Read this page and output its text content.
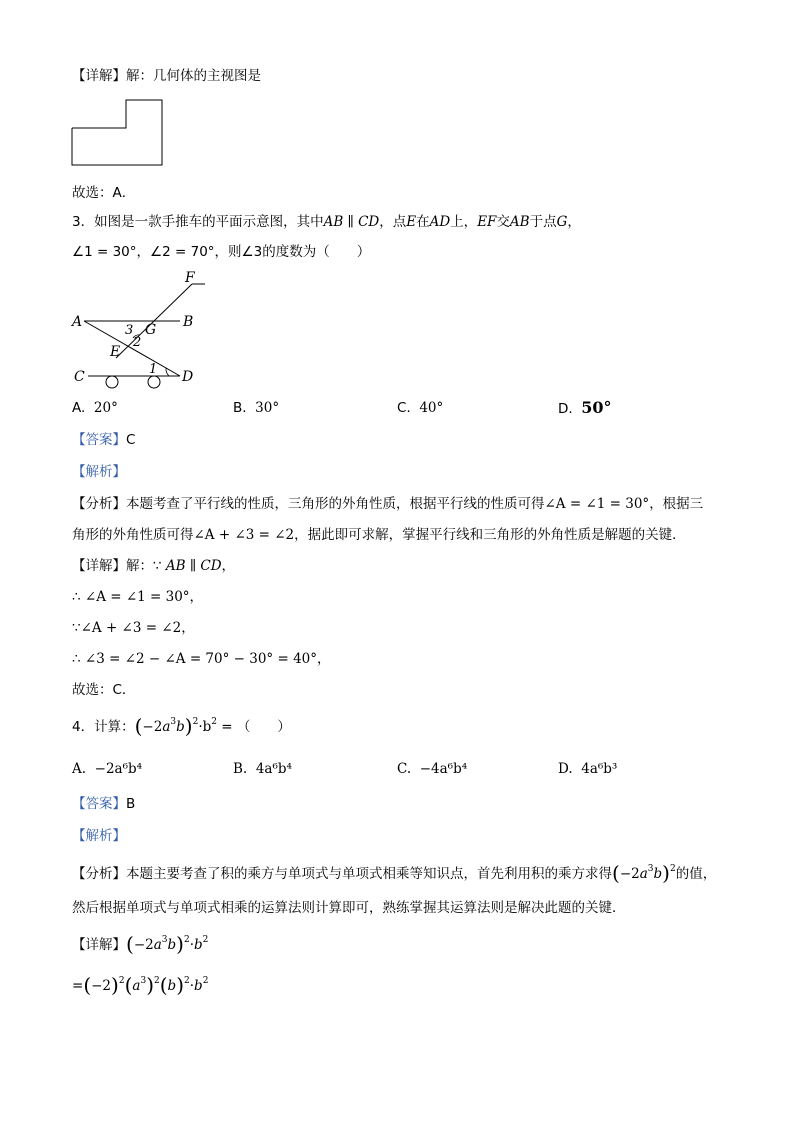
【详解】解：几何体的主视图是
故选：A．
3．如图是一款手推车的平面示意图，其中AB ∥ CD，点E在AD上，EF交AB于点G，
∠1 = 30°，∠2 = 70°，则∠3的度数为（　　）
F
A	B
3 G
2
E
C	1 D
A. 20°	B. 30°	C. 40°	D. 50°
【答案】C
【解析】
【分析】本题考查了平行线的性质，三角形的外角性质，根据平行线的性质可得∠A = ∠1 = 30°，根据三
角形的外角性质可得∠A + ∠3 = ∠2，据此即可求解，掌握平行线和三角形的外角性质是解题的关键．
【详解】解：∵ AB ∥ CD，
∴ ∠A = ∠1 = 30°，
∵∠A + ∠3 = ∠2，
∴ ∠3 = ∠2 − ∠A = 70° − 30° = 40°，
故选：C．
4．计算：$(-2a^3b)^2\cdot b^2$ = （　　）
A. −2a⁶b⁴	B. 4a⁶b⁴	C. −4a⁶b⁴	D. 4a⁶b³
【答案】B
【解析】
【分析】本题主要考查了积的乘方与单项式与单项式相乘等知识点，首先利用积的乘方求得$(-2a^3b)^2$的值，
然后根据单项式与单项式相乘的运算法则计算即可，熟练掌握其运算法则是解决此题的关键．
【详解】$(-2a^3b)^2\cdot b^2$
$=(-2)^2(a^3)^2(b)^2\cdot b^2$
